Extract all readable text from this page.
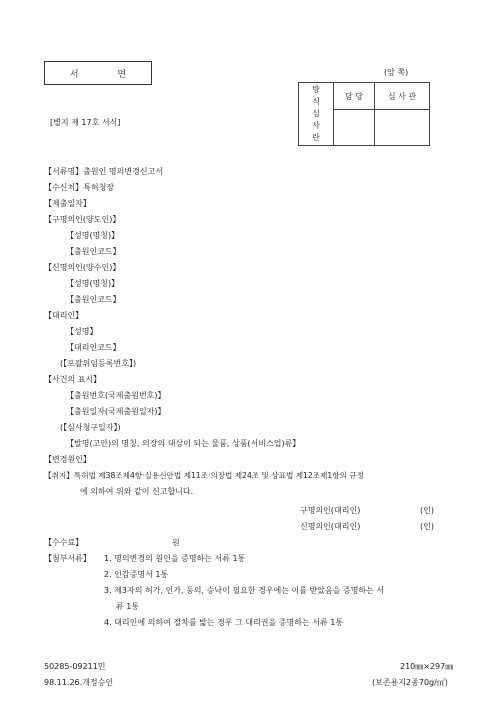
서 면	(앞 쪽)
방
식
심
사
란	담 당	심 사 관

[별지 제 17호 서식]
【서류명】출원인 명의변경신고서
【수신처】특허청장
【제출일자】
【구명의인(양도인)】
【성명(명칭)】
【출원인코드】
【신명의인(양수인)】
【성명(명칭)】
【출원인코드】
【대리인】
【성명】
【대리인코드】
(【포괄위임등록번호】)
【사건의 표시】
【출원번호(국제출원번호)】
【출원일자(국제출원일자)】
(【심사청구일자】)
【발명(고안)의 명칭, 의장의 대상이 되는 물품, 상품(서비스업)류】
【변경원인】
【취지】특허법 제38조제4항·실용신안법 제11조·의장법 제24조 및 상표법 제12조제1항의 규정
에 의하여 위와 같이 신고합니다.
구명의인(대리인)	(인)
신명의인(대리인)	(인)
【수수료】	원
【첨부서류】 1. 명의변경의 원인을 증명하는 서류 1통
2. 인감증명서 1통
3. 제3자의 허가, 인가, 동의, 승낙이 필요한 경우에는 이를 받았음을 증명하는 서
류 1통
4. 대리인에 의하여 절차를 밟는 경우 그 대리권을 증명하는 서류 1통
50285-09211민
98.11.26.개정승인
210㎜×297㎜
(보존용지2종70g/㎡)
